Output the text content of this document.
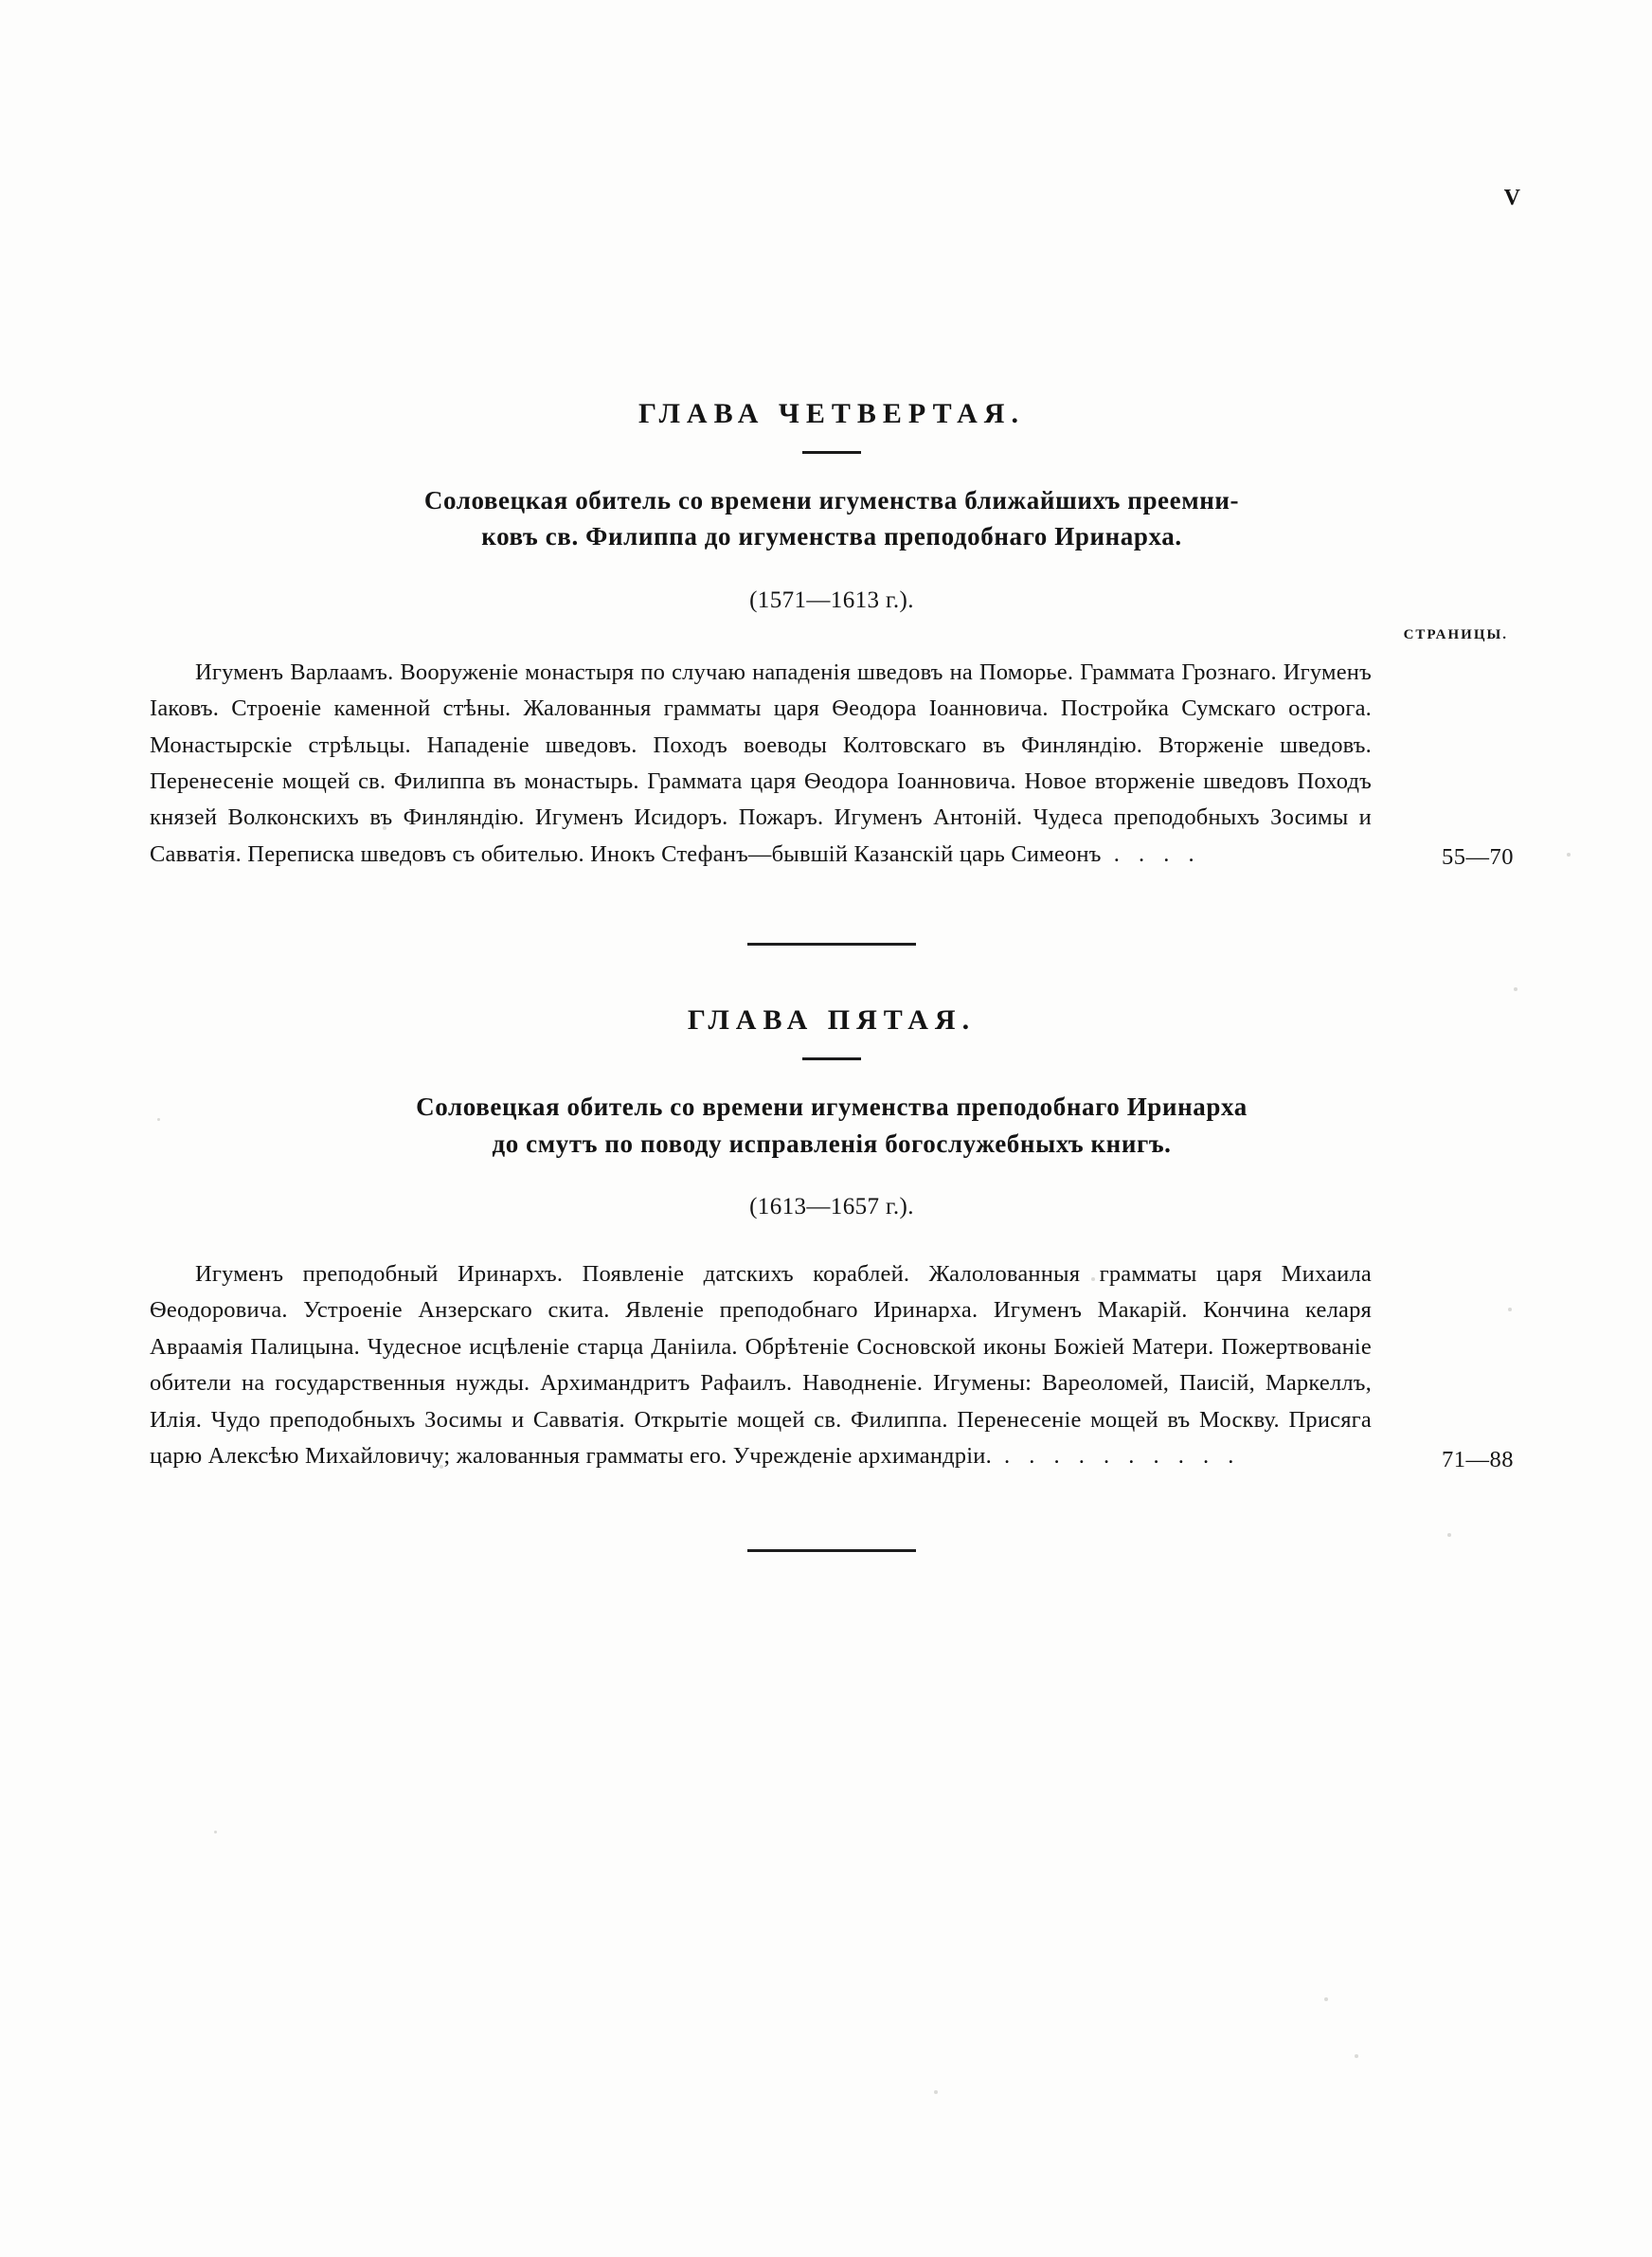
V
ГЛАВА ЧЕТВЕРТАЯ.
Соловецкая обитель со времени игуменства ближайшихъ преемни-
ковъ св. Филиппа до игуменства преподобнаго Иринарха.
(1571—1613 г.).
СТРАНИЦЫ.

Игуменъ Варлаамъ. Вооруженіе монастыря по случаю нападенія шведовъ на Поморье. Граммата Грознаго. Игуменъ Іаковъ. Строеніе каменной стѣны. Жалованныя грамматы царя Ѳеодора Іоанновича. Постройка Сумскаго острога. Монастырскіе стрѣльцы. Нападеніе шведовъ. Походъ воеводы Колтовскаго въ Финляндію. Вторженіе шведовъ. Перенесеніе мощей св. Филиппа въ монастырь. Граммата царя Ѳеодора Іоанновича. Новое вторженіе шведовъ Походъ князей Волконскихъ въ Финляндію. Игуменъ Исидоръ. Пожаръ. Игуменъ Антоній. Чудеса преподобныхъ Зосимы и Савватія. Переписка шведовъ съ обителью. Инокъ Стефанъ—бывшій Казанскій царь Симеонъ . . . .	55—70
ГЛАВА ПЯТАЯ.
Соловецкая обитель со времени игуменства преподобнаго Иринарха
до смутъ по поводу исправленія богослужебныхъ книгъ.
(1613—1657 г.).

Игуменъ преподобный Иринархъ. Появленіе датскихъ кораблей. Жалолованныя грамматы царя Михаила Ѳеодоровича. Устроеніе Анзерскаго скита. Явленіе преподобнаго Иринарха. Игуменъ Макарій. Кончина келаря Авраамія Палицына. Чудесное исцѣленіе старца Даніила. Обрѣтеніе Сосновской иконы Божіей Матери. Пожертвованіе обители на государственныя нужды. Архимандритъ Рафаилъ. Наводненіе. Игумены: Вареоломей, Паисій, Маркеллъ, Илія. Чудо преподобныхъ Зосимы и Савватія. Открытіе мощей св. Филиппа. Перенесеніе мощей въ Москву. Присяга царю Алексѣю Михайловичу; жалованныя грамматы его. Учрежденіе архимандріи. . . . . . . . . . .	71—88
